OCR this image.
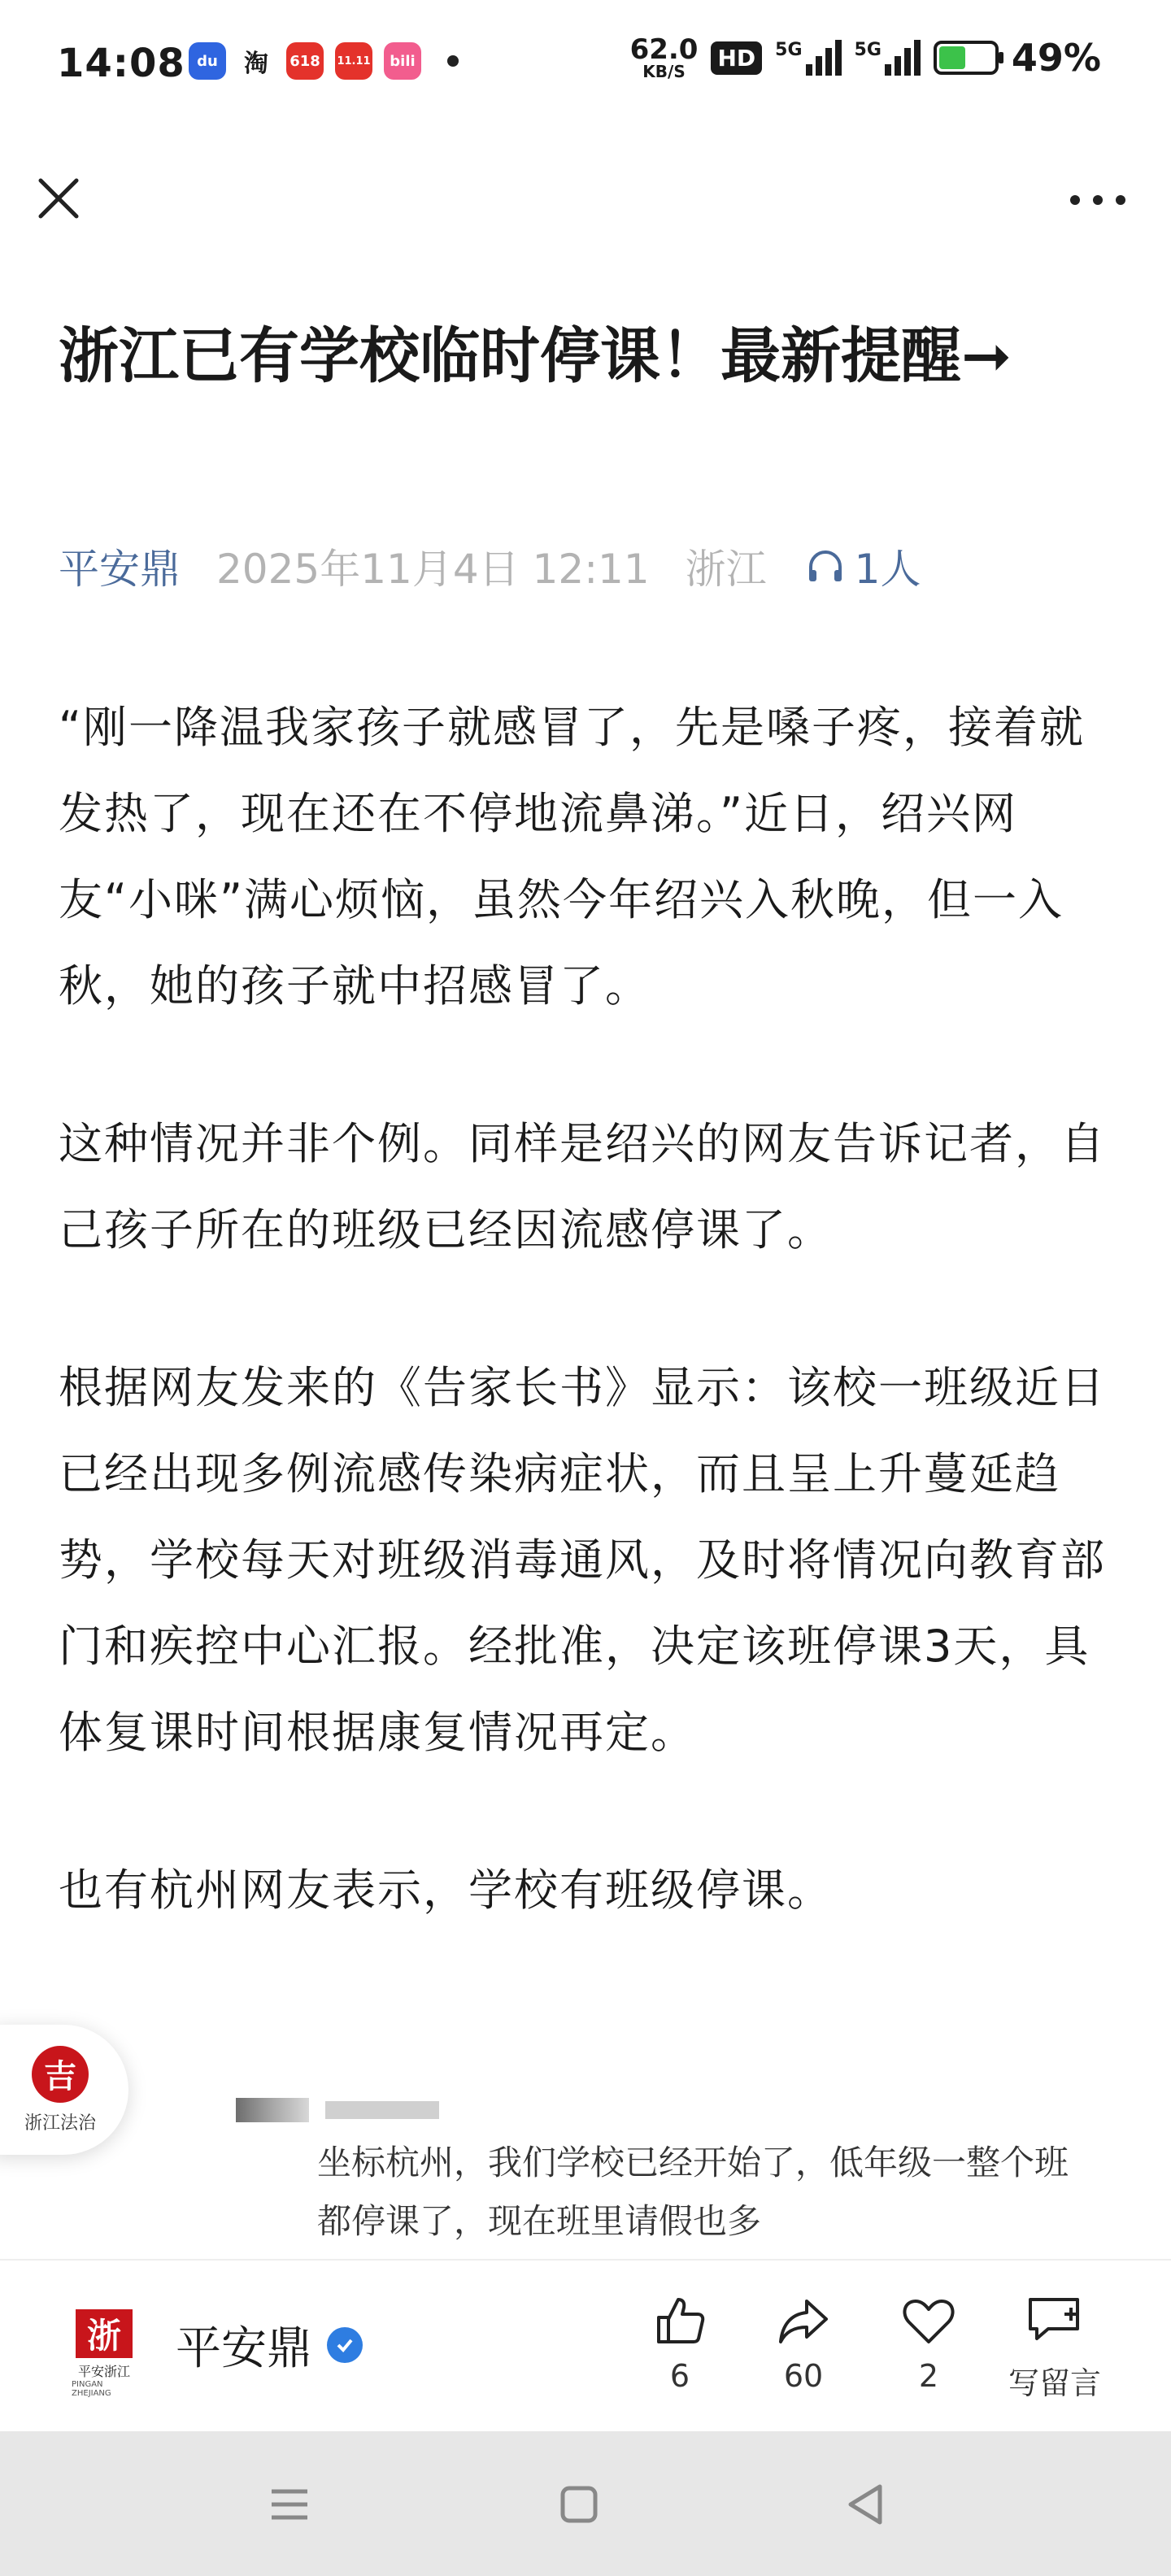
14:08 du 淘 618 11.11 bili	62.0
KB/S
HD	5G	5G	49%
浙江已有学校临时停课！最新提醒➞
平安鼎 2025年11月4日 12:11 浙江 1人

“刚一降温我家孩子就感冒了，先是嗓子疼，接着就发热了，现在还在不停地流鼻涕。”近日，绍兴网友“小咪”满心烦恼，虽然今年绍兴入秋晚，但一入秋，她的孩子就中招感冒了。

这种情况并非个例。同样是绍兴的网友告诉记者，自己孩子所在的班级已经因流感停课了。

根据网友发来的《告家长书》显示：该校一班级近日已经出现多例流感传染病症状，而且呈上升蔓延趋势，学校每天对班级消毒通风，及时将情况向教育部门和疾控中心汇报。经批准，决定该班停课3天，具体复课时间根据康复情况再定。

也有杭州网友表示，学校有班级停课。

吉
浙江法治
坐标杭州，我们学校已经开始了，低年级一整个班都停课了，现在班里请假也多
浙
平安浙江
PINGAN ZHEJIANG
平安鼎
6	60	2	写留言
